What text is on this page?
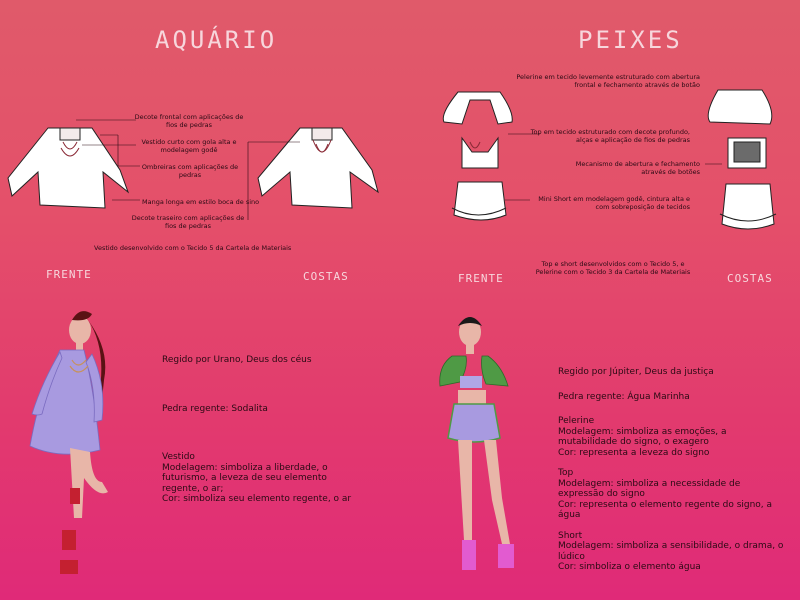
AQUÁRIO	PEIXES
Decote frontal com aplicações de fios de pedras
Vestido curto com gola alta e modelagem godê
Ombreiras com aplicações de pedras
Manga longa em estilo boca de sino
Decote traseiro com aplicações de fios de pedras
Vestido desenvolvido com o Tecido 5 da Cartela de Materiais
FRENTE	COSTAS
Pelerine em tecido levemente estruturado com abertura frontal e fechamento através de botão
Top em tecido estruturado com decote profundo, alças e aplicação de fios de pedras
Mecanismo de abertura e fechamento através de botões
Mini Short em modelagem godê, cintura alta e com sobreposição de tecidos
Top e short desenvolvidos com o Tecido 5, e Pelerine com o Tecido 3 da Cartela de Materiais
FRENTE	COSTAS

Regido por Urano, Deus dos céus

Pedra regente: Sodalita

Vestido

Modelagem: simboliza a liberdade, o futurismo, a leveza de seu elemento regente, o ar;

Cor: simboliza seu elemento regente, o ar

Regido por Júpiter, Deus da justiça

Pedra regente: Água Marinha

Pelerine

Modelagem: simboliza as emoções, a mutabilidade do signo, o exagero

Cor: representa a leveza do signo

Top

Modelagem: simboliza a necessidade de expressão do signo

Cor: representa o elemento regente do signo, a água

Short

Modelagem: simboliza a sensibilidade, o drama, o lúdico

Cor: simboliza o elemento água
